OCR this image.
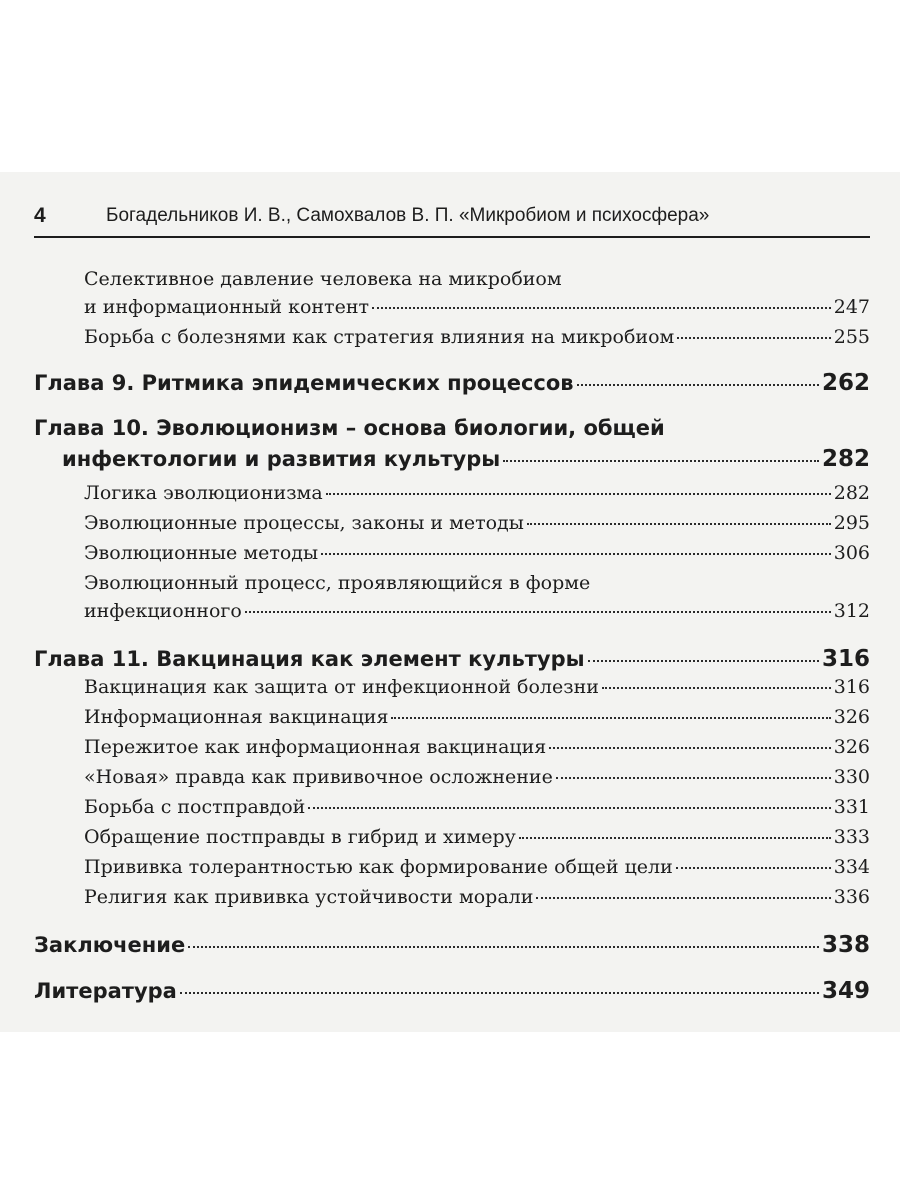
4	Богадельников И. В., Самохвалов В. П. «Микробиом и психосфера»
Селективное давление человека на микробиом
и информационный контент	247
Борьба с болезнями как стратегия влияния на микробиом	255
Глава 9. Ритмика эпидемических процессов	262
Глава 10. Эволюционизм – основа биологии, общей
инфектологии и развития культуры	282
Логика эволюционизма	282
Эволюционные процессы, законы и методы	295
Эволюционные методы	306
Эволюционный процесс, проявляющийся в форме
инфекционного	312
Глава 11. Вакцинация как элемент культуры	316
Вакцинация как защита от инфекционной болезни	316
Информационная вакцинация	326
Пережитое как информационная вакцинация	326
«Новая» правда как прививочное осложнение	330
Борьба с постправдой	331
Обращение постправды в гибрид и химеру	333
Прививка толерантностью как формирование общей цели	334
Религия как прививка устойчивости морали	336
Заключение	338
Литература	349
